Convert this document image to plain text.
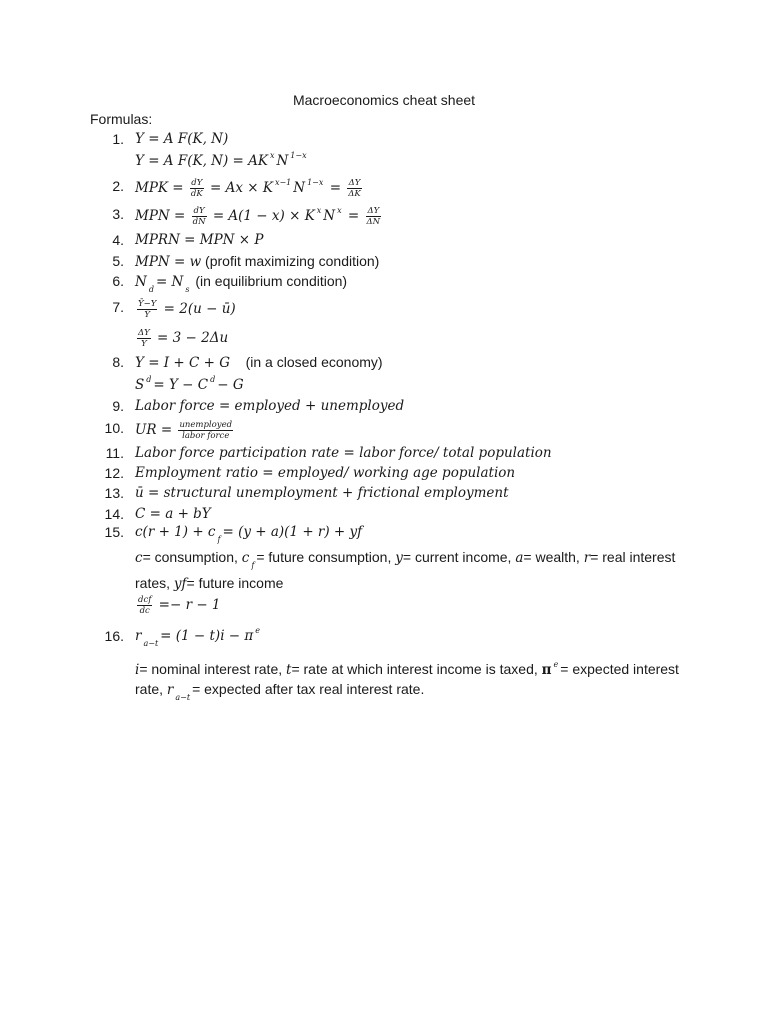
Macroeconomics cheat sheet
Formulas:
1. Y = A F(K, N)
Y = A F(K, N) = AK $^x$ N $^{1-x}$
2. MPK = $\frac{dY}{dK} = Ax \times K$ $^{x-1}$ N $^{1-x} = \frac{\Delta Y}{\Delta K}$
3. MPN = $\frac{dY}{dN} = A(1 - x) \times K$ $^x$ N $^x = \frac{\Delta Y}{\Delta N}$
4. MPRN = MPN × P
5. MPN = w (profit maximizing condition)
6. N $_d$ = N $_s$ (in equilibrium condition)
7. $\frac{Ȳ-Y}{Ȳ} = 2(u$ − ū)
$\frac{\Delta Y}{Y} = 3 - 2\Delta u$
8. Y = I + C + G    (in a closed economy)
S $^d$ = Y − C $^d$ − G
9. Labor force = employed + unemployed
10. UR = $\frac{\text{unemployed}}{\text{labor force}}$
11. Labor force participation rate = labor force/ total population
12. Employment ratio = employed/ working age population
13. ū = structural unemployment + frictional employment
14. C = a + bY
15. c(r + 1) + c $_f$ = (y + a)(1 + r) + yf
c= consumption, c $_f$= future consumption, y= current income, a= wealth, r= real interest
rates, yf= future income
$\frac{\text{dcf}}{dc} =- r - 1$
16. r $_{a-t}$ = (1 − t)i − π $^e$
i= nominal interest rate, t= rate at which interest income is taxed, π $^e$ = expected interest
rate, r $_{a-t}$= expected after tax real interest rate.
